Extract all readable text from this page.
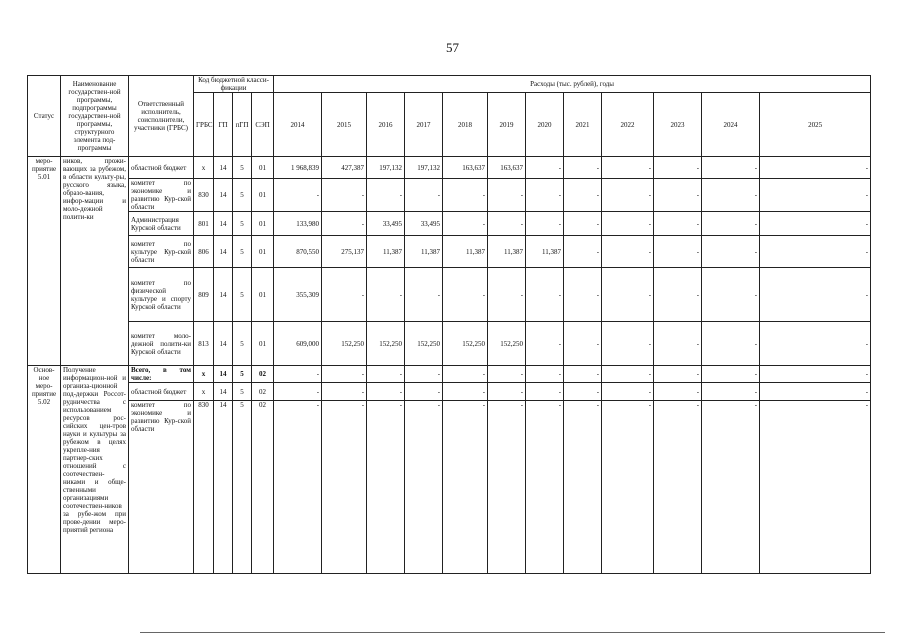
57
Статус	Наименование государствен-ной программы, подпрограммы государствен-ной программы, структурного элемента под-программы	Ответственный исполнитель, соисполнители, участники (ГРБС)	Код бюджетной класси-фикации				Расходы (тыс. рублей), годы											
			ГРБС	ГП	пГП	СЭП	2014	2015	2016	2017	2018	2019	2020	2021	2022	2023	2024	2025
меро-приятие 5.01	ников, прожи-вающих за рубежом, в области культу-ры, русского языка, образо-вания, инфор-мации и моло-дежной полити-ки	областной бюджет	x	14	5	01	1 968,839	427,387	197,132	197,132	163,637	163,637	-	-	-	-	-	-
		комитет по экономике и развитию Кур-ской области	830	14	5	01	-	-	-	-	-	-	-	-	-	-	-	-
		Администрация Курской области	801	14	5	01	133,980	-	33,495	33,495	-	-	-	-	-	-	-	-
		комитет по культуре Кур-ской области	806	14	5	01	870,550	275,137	11,387	11,387	11,387	11,387	11,387	-	-	-	-	-
		комитет по физической культуре и спорту Курской области	809	14	5	01	355,309	-	-	-	-	-	-	-	-	-	-	-
		комитет моло-дежной полити-ки Курской области	813	14	5	01	609,000	152,250	152,250	152,250	152,250	152,250	-	-	-	-	-	-
Основ-ное меро-приятие 5.02	Получение информацион-ной и организа-ционной под-держки Россот-рудничества с использованием ресурсов рос-сийских цен-тров науки и культуры за рубежом в целях укрепле-ния партнер-ских отношений с соотечествен-никами и обще-ственными организациями соотечествен-ников за рубе-жом при прове-дении меро-приятий региона	Всего, в том числе:	x	14	5	02	-	-	-	-	-	-	-	-	-	-	-	-
		областной бюджет	x	14	5	02	-	-	-	-	-	-	-	-	-	-	-	-
		комитет по экономике и развитию Кур-ской области	830	14	5	02	-	-	-	-	-	-	-	-	-	-	-	-
